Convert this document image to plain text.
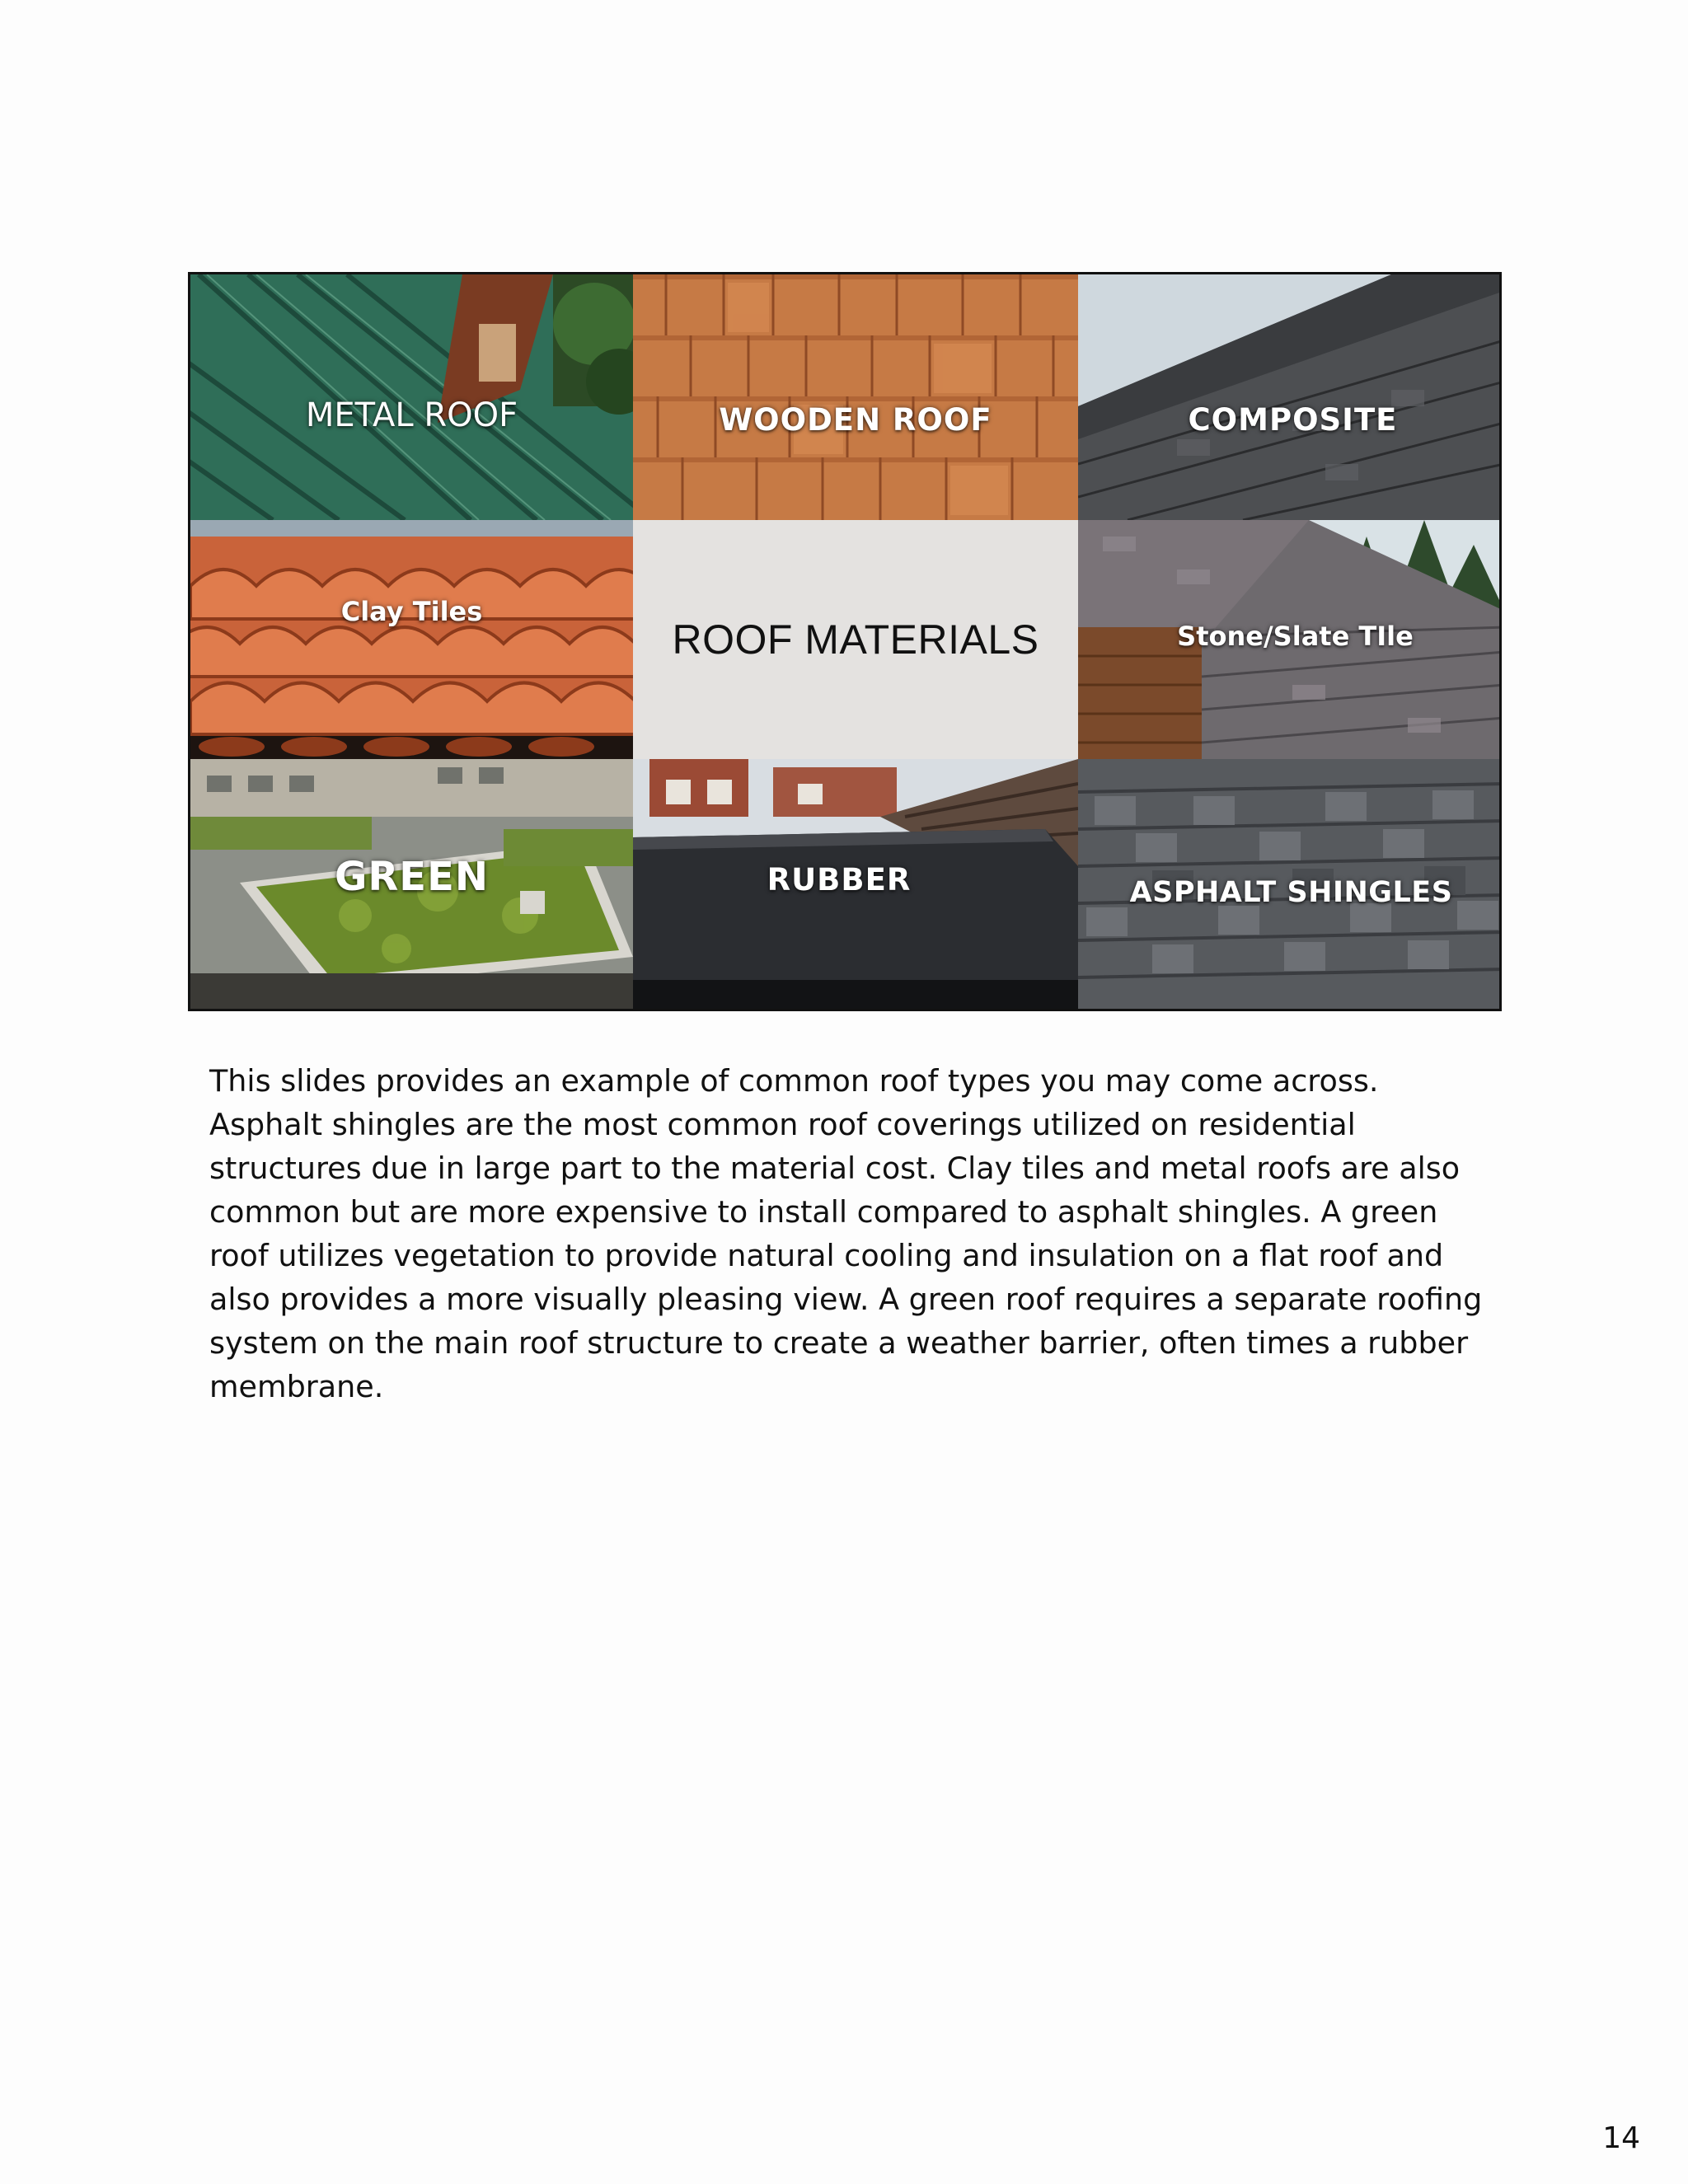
METAL ROOF	WOODEN ROOF	COMPOSITE
Clay Tiles
ROOF MATERIALS	Stone/Slate TIle
GREEN	RUBBER	ASPHALT SHINGLES

This slides provides an example of common roof types you may come across. Asphalt shingles are the most common roof coverings utilized on residential structures due in large part to the material cost. Clay tiles and metal roofs are also common but are more expensive to install compared to asphalt shingles. A green roof utilizes vegetation to provide natural cooling and insulation on a flat roof and also provides a more visually pleasing view. A green roof requires a separate roofing system on the main roof structure to create a weather barrier, often times a rubber membrane.

14
